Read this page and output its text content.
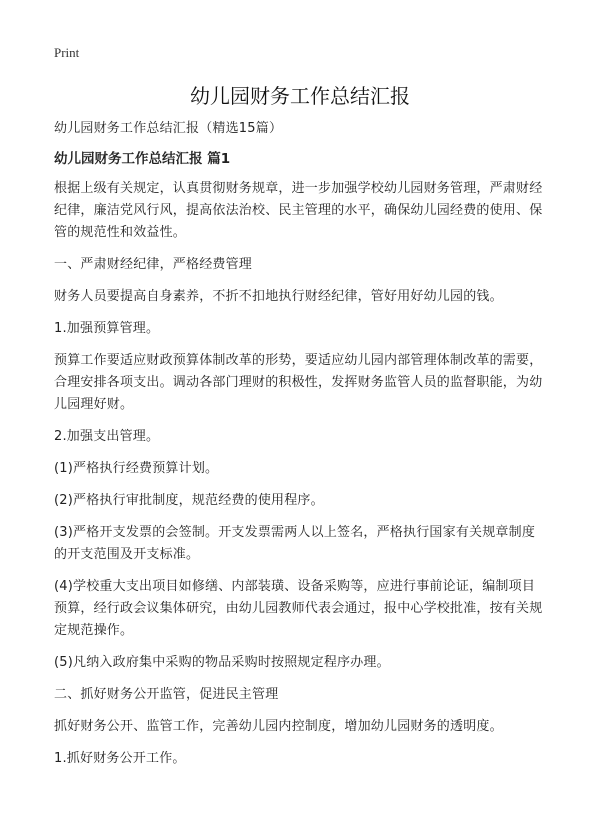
Print
幼儿园财务工作总结汇报

幼儿园财务工作总结汇报（精选15篇）

幼儿园财务工作总结汇报 篇1

根据上级有关规定，认真贯彻财务规章，进一步加强学校幼儿园财务管理，严肃财经纪律，廉洁党风行风，提高依法治校、民主管理的水平，确保幼儿园经费的使用、保管的规范性和效益性。

一、严肃财经纪律，严格经费管理

财务人员要提高自身素养，不折不扣地执行财经纪律，管好用好幼儿园的钱。

1.加强预算管理。

预算工作要适应财政预算体制改革的形势，要适应幼儿园内部管理体制改革的需要，合理安排各项支出。调动各部门理财的积极性，发挥财务监管人员的监督职能，为幼儿园理好财。

2.加强支出管理。

(1)严格执行经费预算计划。

(2)严格执行审批制度，规范经费的使用程序。

(3)严格开支发票的会签制。开支发票需两人以上签名，严格执行国家有关规章制度的开支范围及开支标准。

(4)学校重大支出项目如修缮、内部装璜、设备采购等，应进行事前论证，编制项目预算，经行政会议集体研究，由幼儿园教师代表会通过，报中心学校批准，按有关规定规范操作。

(5)凡纳入政府集中采购的物品采购时按照规定程序办理。

二、抓好财务公开监管，促进民主管理

抓好财务公开、监管工作，完善幼儿园内控制度，增加幼儿园财务的透明度。

1.抓好财务公开工作。
